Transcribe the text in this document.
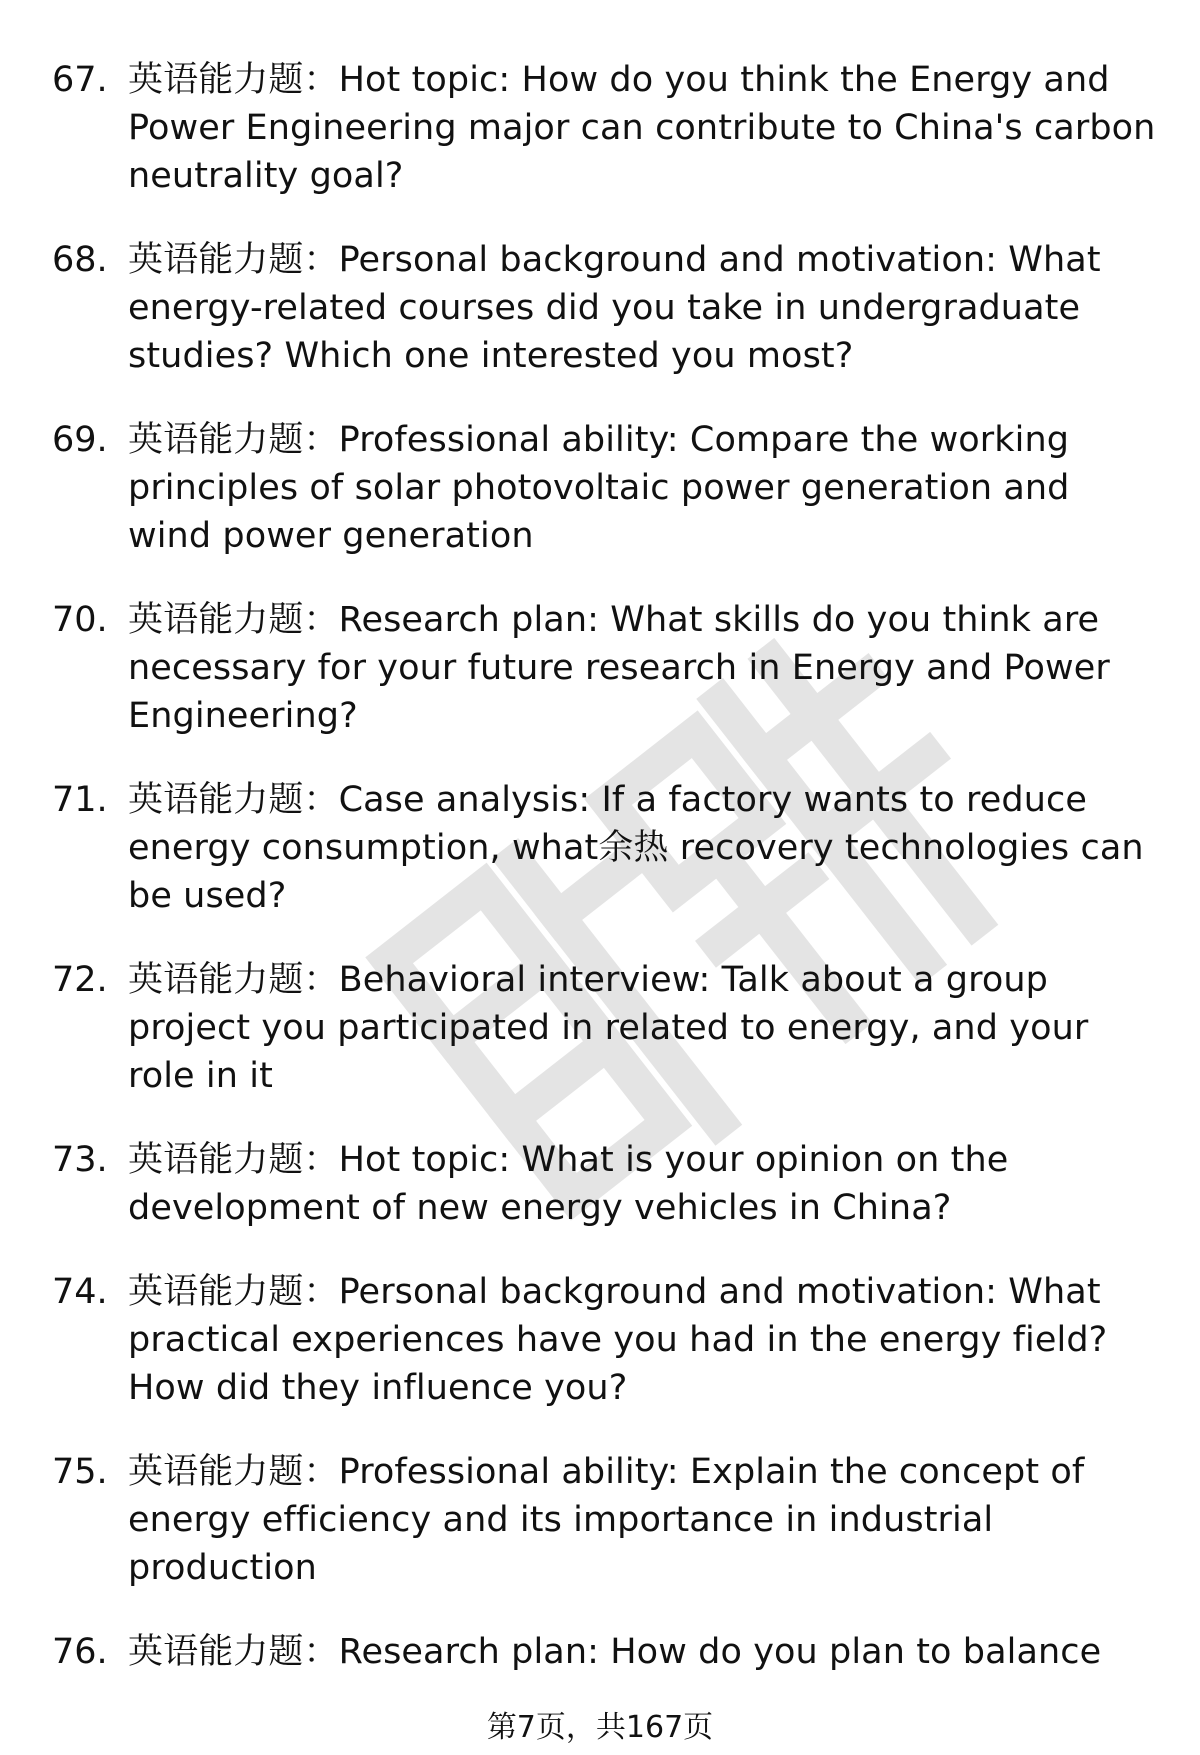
67. 英语能力题：Hot topic: How do you think the Energy and Power Engineering major can contribute to China's carbon neutrality goal?
68. 英语能力题：Personal background and motivation: What energy-related courses did you take in undergraduate studies? Which one interested you most?
69. 英语能力题：Professional ability: Compare the working principles of solar photovoltaic power generation and wind power generation
70. 英语能力题：Research plan: What skills do you think are necessary for your future research in Energy and Power Engineering?
71. 英语能力题：Case analysis: If a factory wants to reduce energy consumption, what余热 recovery technologies can be used?
72. 英语能力题：Behavioral interview: Talk about a group project you participated in related to energy, and your role in it
73. 英语能力题：Hot topic: What is your opinion on the development of new energy vehicles in China?
74. 英语能力题：Personal background and motivation: What practical experiences have you had in the energy field? How did they influence you?
75. 英语能力题：Professional ability: Explain the concept of energy efficiency and its importance in industrial production
76. 英语能力题：Research plan: How do you plan to balance
第7页，共167页
